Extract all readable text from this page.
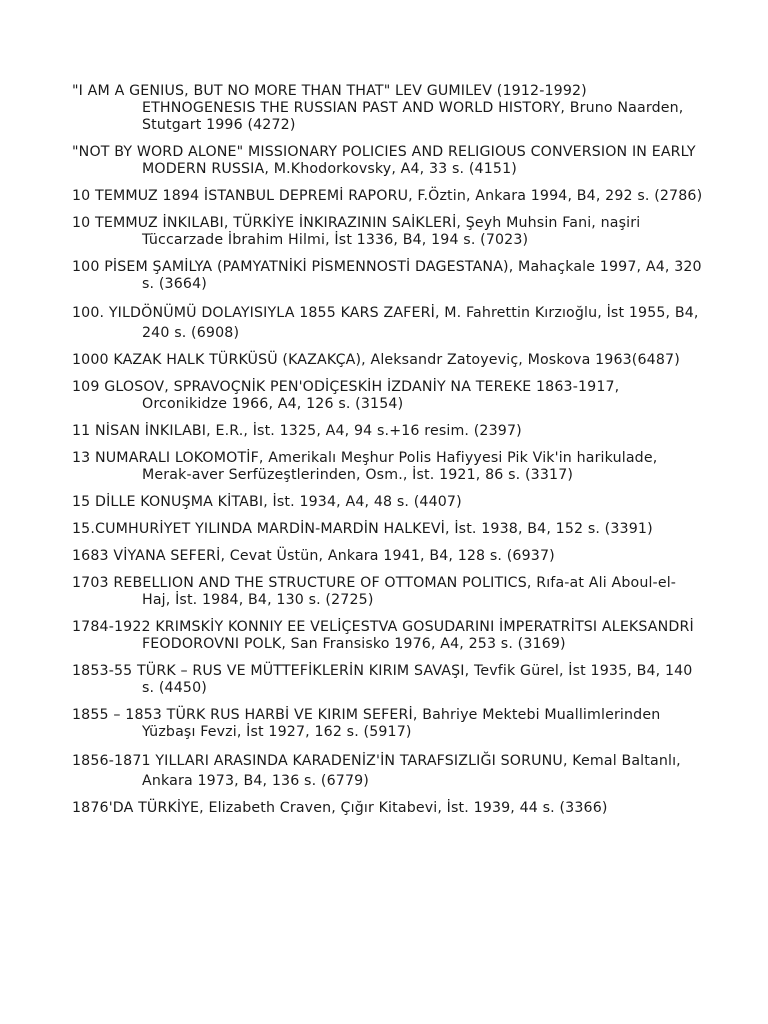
"I AM A GENIUS, BUT NO MORE THAN THAT" LEV GUMILEV (1912-1992) ETHNOGENESIS THE RUSSIAN PAST AND WORLD HISTORY, Bruno Naarden, Stutgart 1996 (4272)
"NOT BY WORD ALONE" MISSIONARY POLICIES AND RELIGIOUS CONVERSION IN EARLY MODERN RUSSIA, M.Khodorkovsky, A4, 33 s. (4151)
10 TEMMUZ 1894 İSTANBUL DEPREMİ RAPORU, F.Öztin, Ankara 1994, B4, 292 s. (2786)
10 TEMMUZ İNKILABI, TÜRKİYE İNKIRAZININ SAİKLERİ, Şeyh Muhsin Fani, naşiri Tüccarzade İbrahim Hilmi, İst 1336, B4, 194 s. (7023)
100 PİSEM ŞAMİLYA (PAMYATNİKİ PİSMENNOSTİ DAGESTANA), Mahaçkale 1997, A4, 320 s. (3664)
100. YILDÖNÜMÜ DOLAYISIYLA 1855 KARS ZAFERİ, M. Fahrettin Kırzıoğlu, İst 1955, B4, 240 s. (6908)
1000 KAZAK HALK TÜRKÜSÜ (KAZAKÇA), Aleksandr Zatoyeviç, Moskova 1963(6487)
109 GLOSOV, SPRAVOÇNİK PEN'ODİÇESKİH İZDANİY NA TEREKE 1863-1917, Orconikidze 1966, A4, 126 s. (3154)
11 NİSAN İNKILABI, E.R., İst. 1325, A4, 94 s.+16 resim. (2397)
13 NUMARALI LOKOMOTİF, Amerikalı Meşhur Polis Hafiyyesi Pik Vik'in harikulade, Merak-aver Serfüzeştlerinden, Osm., İst. 1921, 86 s. (3317)
15 DİLLE KONUŞMA KİTABI, İst. 1934, A4, 48 s. (4407)
15.CUMHURİYET YILINDA MARDİN-MARDİN HALKEVİ, İst. 1938, B4, 152 s. (3391)
1683 VİYANA SEFERİ, Cevat Üstün, Ankara 1941, B4, 128 s. (6937)
1703 REBELLION AND THE STRUCTURE OF OTTOMAN POLITICS, Rıfa-at Ali Aboul-el-Haj, İst. 1984, B4, 130 s. (2725)
1784-1922 KRIMSKİY KONNIY EE VELİÇESTVA GOSUDARINI İMPERATRİTSI ALEKSANDRİ FEODOROVNI POLK, San Fransisko 1976, A4, 253 s. (3169)
1853-55 TÜRK – RUS VE MÜTTEFİKLERİN KIRIM SAVAŞI, Tevfik Gürel, İst 1935, B4, 140 s. (4450)
1855 – 1853 TÜRK RUS HARBİ VE KIRIM SEFERİ, Bahriye Mektebi Muallimlerinden Yüzbaşı Fevzi, İst 1927, 162 s. (5917)
1856-1871 YILLARI ARASINDA KARADENİZ'İN TARAFSIZLIĞI SORUNU, Kemal Baltanlı, Ankara 1973, B4, 136 s. (6779)
1876'DA TÜRKİYE, Elizabeth Craven, Çığır Kitabevi, İst. 1939, 44 s. (3366)
